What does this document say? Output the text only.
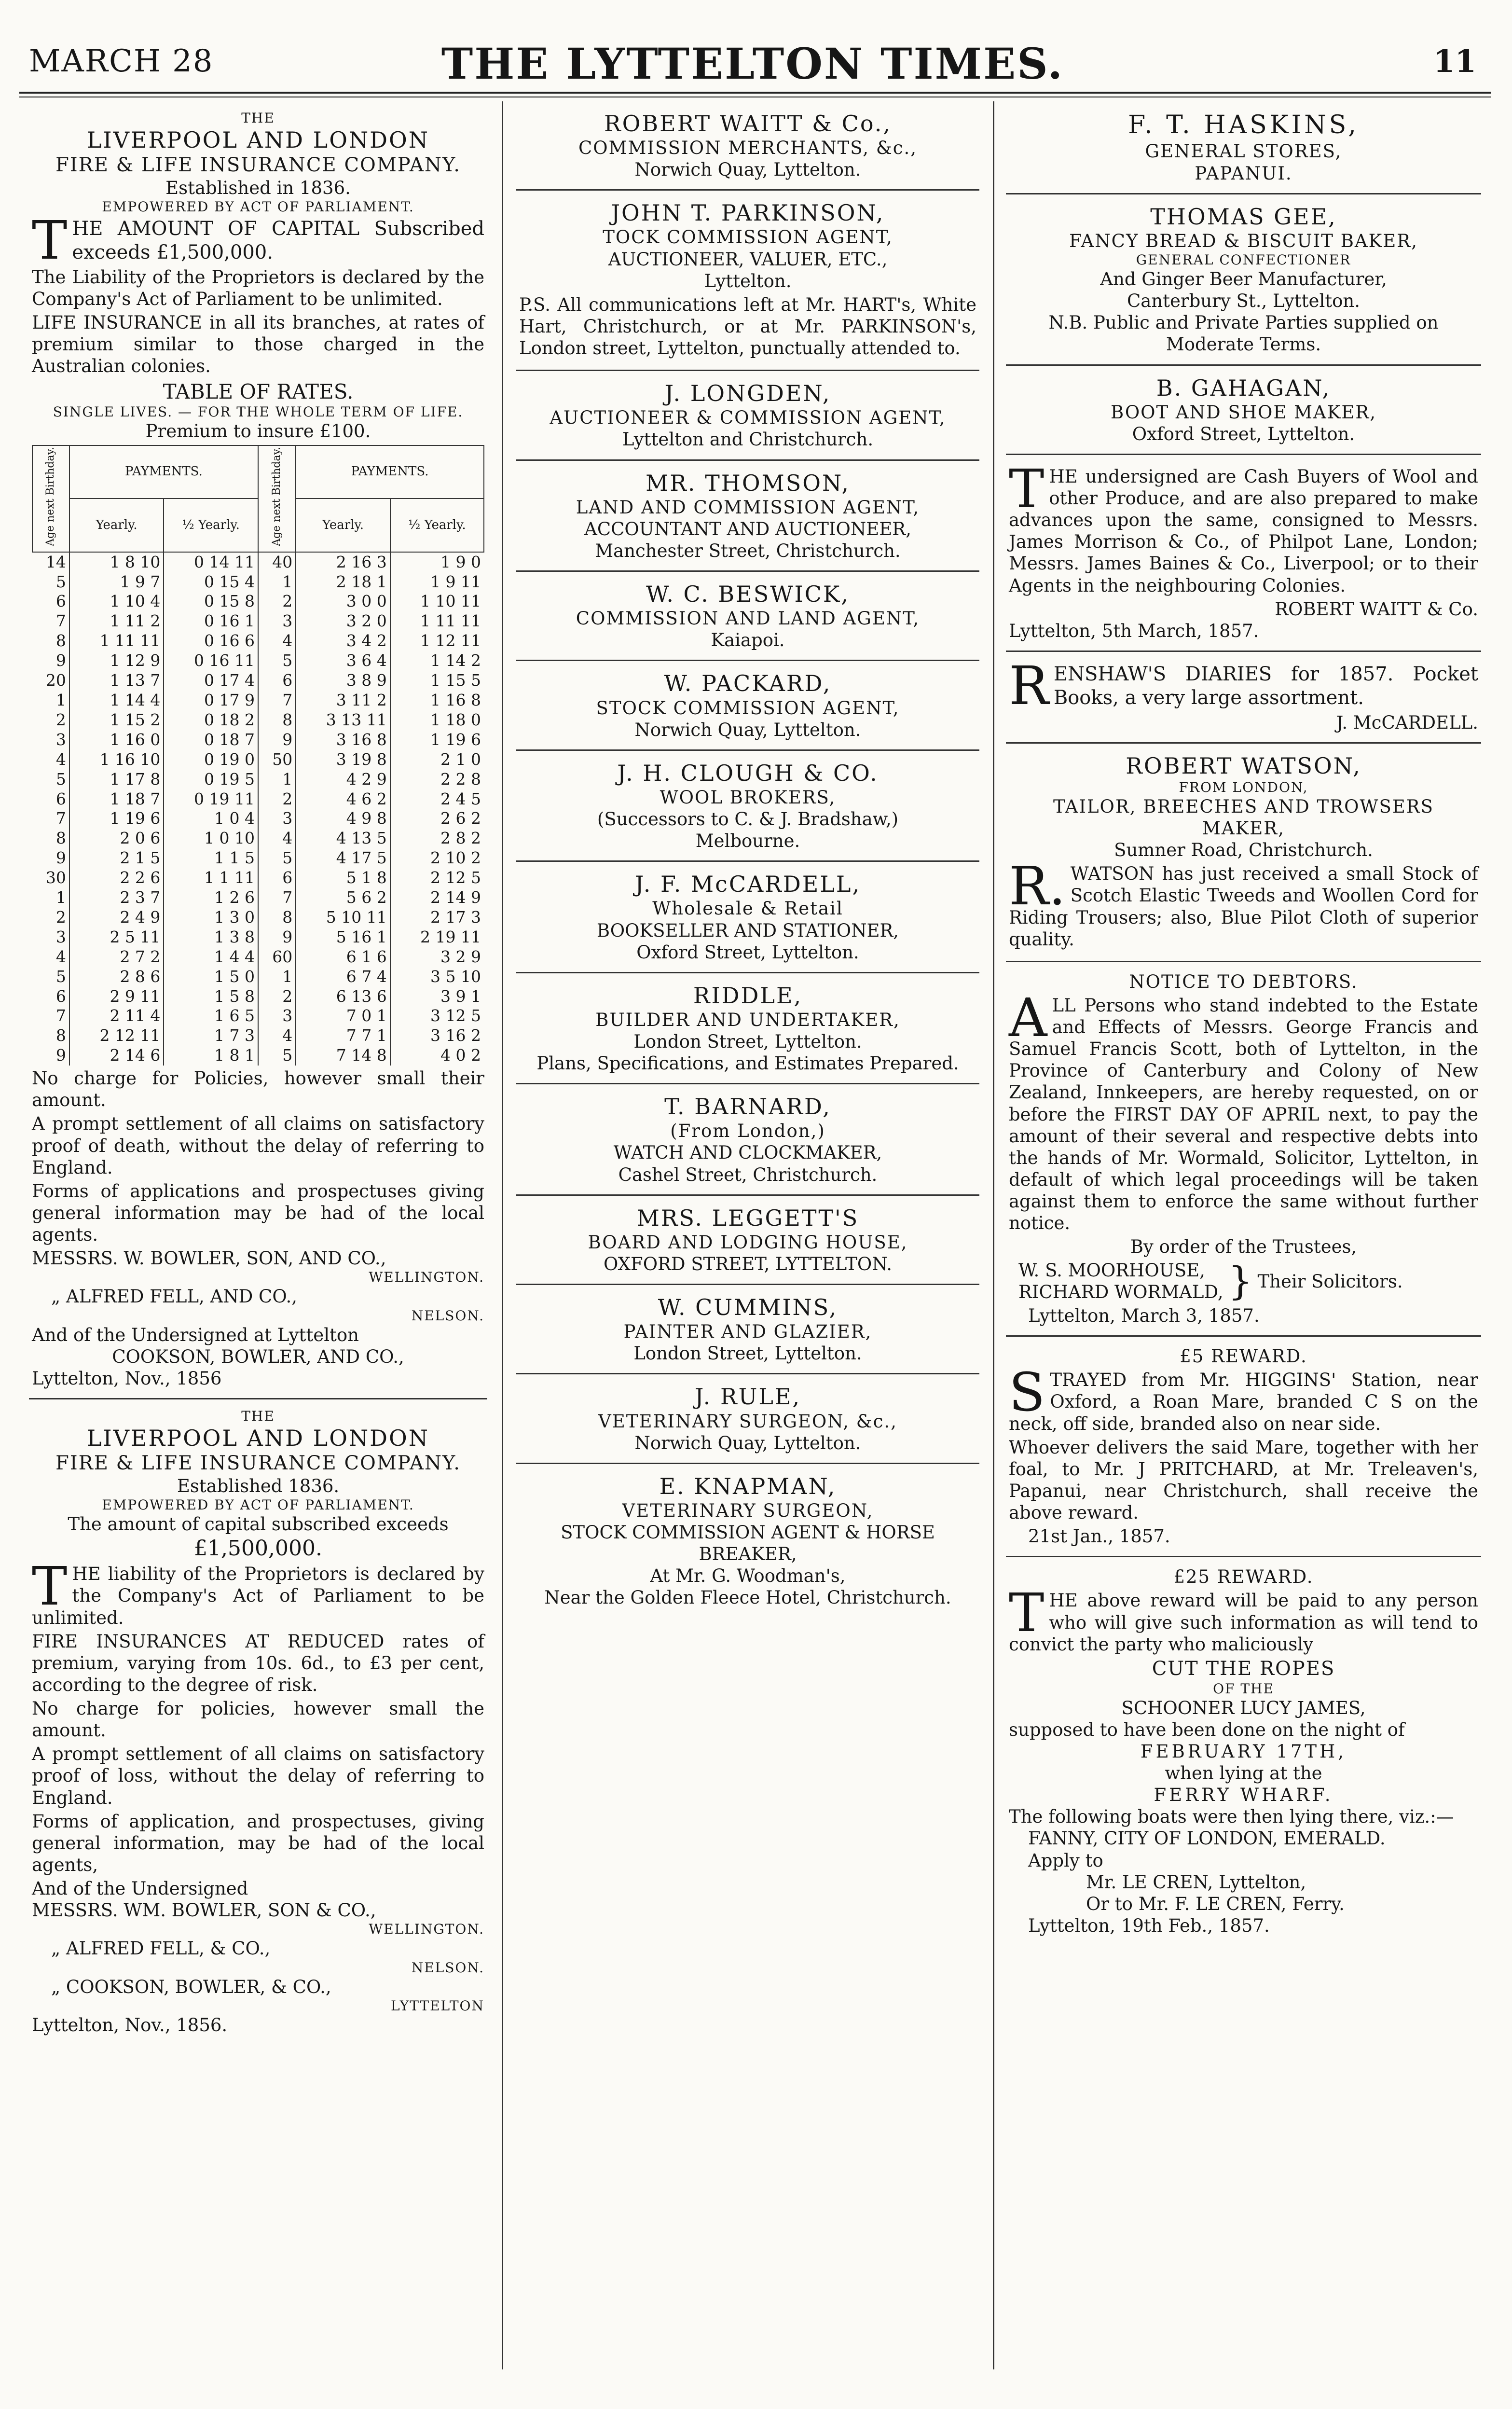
MARCH 28	THE LYTTELTON TIMES.	11
THE
LIVERPOOL AND LONDON
FIRE & LIFE INSURANCE COMPANY.
Established in 1836.
EMPOWERED BY ACT OF PARLIAMENT.

THE AMOUNT OF CAPITAL Subscribed exceeds £1,500,000.

The Liability of the Proprietors is declared by the Company's Act of Parliament to be unlimited.

LIFE INSURANCE in all its branches, at rates of premium similar to those charged in the Australian colonies.

TABLE OF RATES.
SINGLE LIVES. — FOR THE WHOLE TERM OF LIFE.
Premium to insure £100.
Age next Birthday.	PAYMENTS.		Age next Birthday.	PAYMENTS.	
	Yearly.	½ Yearly.		Yearly.	½ Yearly.
14	1 8 10	0 14 11	40	2 16 3	1 9 0
5	1 9 7	0 15 4	1	2 18 1	1 9 11
6	1 10 4	0 15 8	2	3 0 0	1 10 11
7	1 11 2	0 16 1	3	3 2 0	1 11 11
8	1 11 11	0 16 6	4	3 4 2	1 12 11
9	1 12 9	0 16 11	5	3 6 4	1 14 2
20	1 13 7	0 17 4	6	3 8 9	1 15 5
1	1 14 4	0 17 9	7	3 11 2	1 16 8
2	1 15 2	0 18 2	8	3 13 11	1 18 0
3	1 16 0	0 18 7	9	3 16 8	1 19 6
4	1 16 10	0 19 0	50	3 19 8	2 1 0
5	1 17 8	0 19 5	1	4 2 9	2 2 8
6	1 18 7	0 19 11	2	4 6 2	2 4 5
7	1 19 6	1 0 4	3	4 9 8	2 6 2
8	2 0 6	1 0 10	4	4 13 5	2 8 2
9	2 1 5	1 1 5	5	4 17 5	2 10 2
30	2 2 6	1 1 11	6	5 1 8	2 12 5
1	2 3 7	1 2 6	7	5 6 2	2 14 9
2	2 4 9	1 3 0	8	5 10 11	2 17 3
3	2 5 11	1 3 8	9	5 16 1	2 19 11
4	2 7 2	1 4 4	60	6 1 6	3 2 9
5	2 8 6	1 5 0	1	6 7 4	3 5 10
6	2 9 11	1 5 8	2	6 13 6	3 9 1
7	2 11 4	1 6 5	3	7 0 1	3 12 5
8	2 12 11	1 7 3	4	7 7 1	3 16 2
9	2 14 6	1 8 1	5	7 14 8	4 0 2

No charge for Policies, however small their amount.

A prompt settlement of all claims on satisfactory proof of death, without the delay of referring to England.

Forms of applications and prospectuses giving general information may be had of the local agents.

MESSRS. W. BOWLER, SON, AND CO.,
WELLINGTON.
„ ALFRED FELL, AND CO.,
NELSON.
And of the Undersigned at Lyttelton
COOKSON, BOWLER, AND CO.,
Lyttelton, Nov., 1856
THE
LIVERPOOL AND LONDON
FIRE & LIFE INSURANCE COMPANY.
Established 1836.
EMPOWERED BY ACT OF PARLIAMENT.
The amount of capital subscribed exceeds
£1,500,000.

THE liability of the Proprietors is declared by the Company's Act of Parliament to be unlimited.

FIRE INSURANCES AT REDUCED rates of premium, varying from 10s. 6d., to £3 per cent, according to the degree of risk.

No charge for policies, however small the amount.

A prompt settlement of all claims on satisfactory proof of loss, without the delay of referring to England.

Forms of application, and prospectuses, giving general information, may be had of the local agents,

And of the Undersigned
MESSRS. WM. BOWLER, SON & CO.,
WELLINGTON.
„ ALFRED FELL, & CO.,
NELSON.
„ COOKSON, BOWLER, & CO.,
LYTTELTON
Lyttelton, Nov., 1856.
ROBERT WAITT & Co.,
COMMISSION MERCHANTS, &c.,
Norwich Quay, Lyttelton.
JOHN T. PARKINSON,
TOCK COMMISSION AGENT,
AUCTIONEER, VALUER, ETC.,
Lyttelton.

P.S. All communications left at Mr. HART's, White Hart, Christchurch, or at Mr. PARKINSON's, London street, Lyttelton, punctually attended to.

J. LONGDEN,
AUCTIONEER & COMMISSION AGENT,
Lyttelton and Christchurch.
MR. THOMSON,
LAND AND COMMISSION AGENT,
ACCOUNTANT AND AUCTIONEER,
Manchester Street, Christchurch.
W. C. BESWICK,
COMMISSION AND LAND AGENT,
Kaiapoi.
W. PACKARD,
STOCK COMMISSION AGENT,
Norwich Quay, Lyttelton.
J. H. CLOUGH & CO.
WOOL BROKERS,
(Successors to C. & J. Bradshaw,)
Melbourne.
J. F. McCARDELL,
Wholesale & Retail
BOOKSELLER AND STATIONER,
Oxford Street, Lyttelton.
RIDDLE,
BUILDER AND UNDERTAKER,
London Street, Lyttelton.
Plans, Specifications, and Estimates Prepared.
T. BARNARD,
(From London,)
WATCH AND CLOCKMAKER,
Cashel Street, Christchurch.
MRS. LEGGETT'S
BOARD AND LODGING HOUSE,
OXFORD STREET, LYTTELTON.
W. CUMMINS,
PAINTER AND GLAZIER,
London Street, Lyttelton.
J. RULE,
VETERINARY SURGEON, &c.,
Norwich Quay, Lyttelton.
E. KNAPMAN,
VETERINARY SURGEON,
STOCK COMMISSION AGENT & HORSE BREAKER,
At Mr. G. Woodman's,
Near the Golden Fleece Hotel, Christchurch.
F. T. HASKINS,
GENERAL STORES,
PAPANUI.
THOMAS GEE,
FANCY BREAD & BISCUIT BAKER,
GENERAL CONFECTIONER
And Ginger Beer Manufacturer,
Canterbury St., Lyttelton.
N.B. Public and Private Parties supplied on Moderate Terms.
B. GAHAGAN,
BOOT AND SHOE MAKER,
Oxford Street, Lyttelton.

THE undersigned are Cash Buyers of Wool and other Produce, and are also prepared to make advances upon the same, consigned to Messrs. James Morrison & Co., of Philpot Lane, London; Messrs. James Baines & Co., Liverpool; or to their Agents in the neighbouring Colonies.

ROBERT WAITT & Co.
Lyttelton, 5th March, 1857.

RENSHAW'S DIARIES for 1857. Pocket Books, a very large assortment.

J. McCARDELL.
ROBERT WATSON,
FROM LONDON,
TAILOR, BREECHES AND TROWSERS
MAKER,
Sumner Road, Christchurch.

R.WATSON has just received a small Stock of Scotch Elastic Tweeds and Woollen Cord for Riding Trousers; also, Blue Pilot Cloth of superior quality.

NOTICE TO DEBTORS.

ALL Persons who stand indebted to the Estate and Effects of Messrs. George Francis and Samuel Francis Scott, both of Lyttelton, in the Province of Canterbury and Colony of New Zealand, Innkeepers, are hereby requested, on or before the FIRST DAY OF APRIL next, to pay the amount of their several and respective debts into the hands of Mr. Wormald, Solicitor, Lyttelton, in default of which legal proceedings will be taken against them to enforce the same without further notice.

By order of the Trustees,
W. S. MOORHOUSE,
RICHARD WORMALD, } Their Solicitors.
Lyttelton, March 3, 1857.
£5 REWARD.

STRAYED from Mr. HIGGINS' Station, near Oxford, a Roan Mare, branded C S on the neck, off side, branded also on near side.

Whoever delivers the said Mare, together with her foal, to Mr. J PRITCHARD, at Mr. Treleaven's, Papanui, near Christchurch, shall receive the above reward.

21st Jan., 1857.
£25 REWARD.

THE above reward will be paid to any person who will give such information as will tend to convict the party who maliciously

CUT THE ROPES
OF THE
SCHOONER LUCY JAMES,
supposed to have been done on the night of
FEBRUARY 17TH,
when lying at the
FERRY WHARF.
The following boats were then lying there, viz.:—
FANNY, CITY OF LONDON, EMERALD.
Apply to
Mr. LE CREN, Lyttelton,
Or to Mr. F. LE CREN, Ferry.
Lyttelton, 19th Feb., 1857.
